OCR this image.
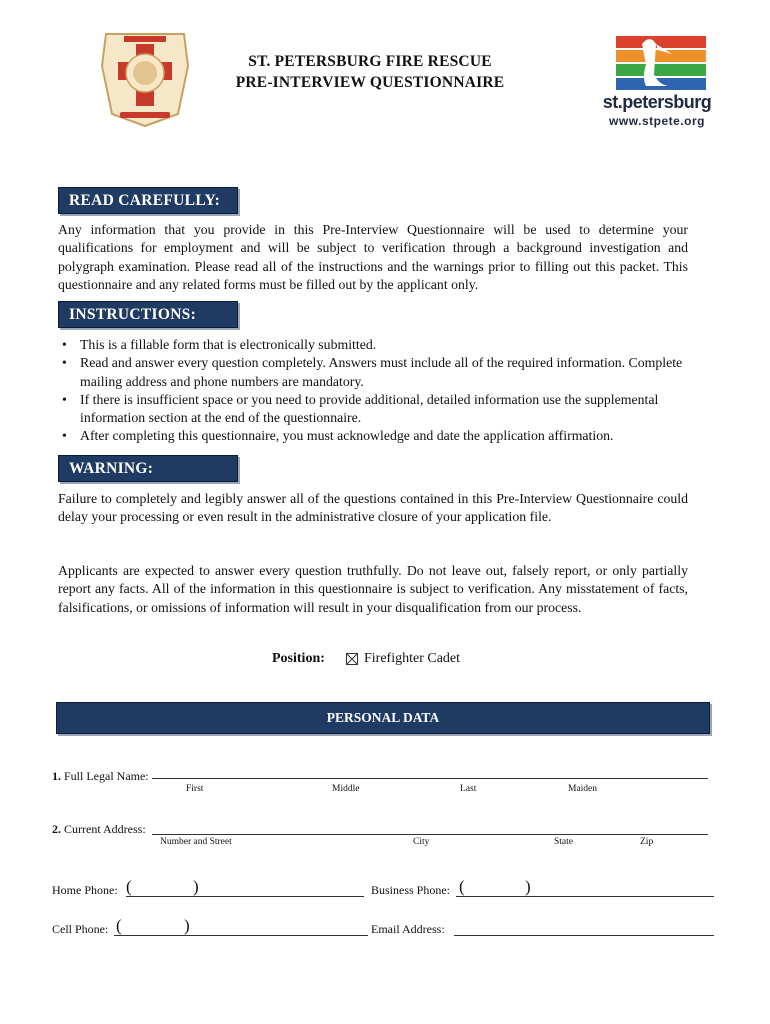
ST. PETERSBURG FIRE RESCUE
PRE-INTERVIEW QUESTIONNAIRE
st.petersburg
www.stpete.org
READ CAREFULLY:
Any information that you provide in this Pre-Interview Questionnaire will be used to determine your qualifications for employment and will be subject to verification through a background investigation and polygraph examination. Please read all of the instructions and the warnings prior to filling out this packet. This questionnaire and any related forms must be filled out by the applicant only.
INSTRUCTIONS:
• This is a fillable form that is electronically submitted.
• Read and answer every question completely. Answers must include all of the required information. Complete mailing address and phone numbers are mandatory.
• If there is insufficient space or you need to provide additional, detailed information use the supplemental information section at the end of the questionnaire.
• After completing this questionnaire, you must acknowledge and date the application affirmation.
WARNING:
Failure to completely and legibly answer all of the questions contained in this Pre-Interview Questionnaire could delay your processing or even result in the administrative closure of your application file.
Applicants are expected to answer every question truthfully. Do not leave out, falsely report, or only partially report any facts. All of the information in this questionnaire is subject to verification. Any misstatement of facts, falsifications, or omissions of information will result in your disqualification from our process.
Position:	Firefighter Cadet
PERSONAL DATA
1. Full Legal Name:
First	Middle	Last	Maiden
2. Current Address:
Number and Street	City	State	Zip
Home Phone: (	)	Business Phone: (	)
Cell Phone: (	)	Email Address:
